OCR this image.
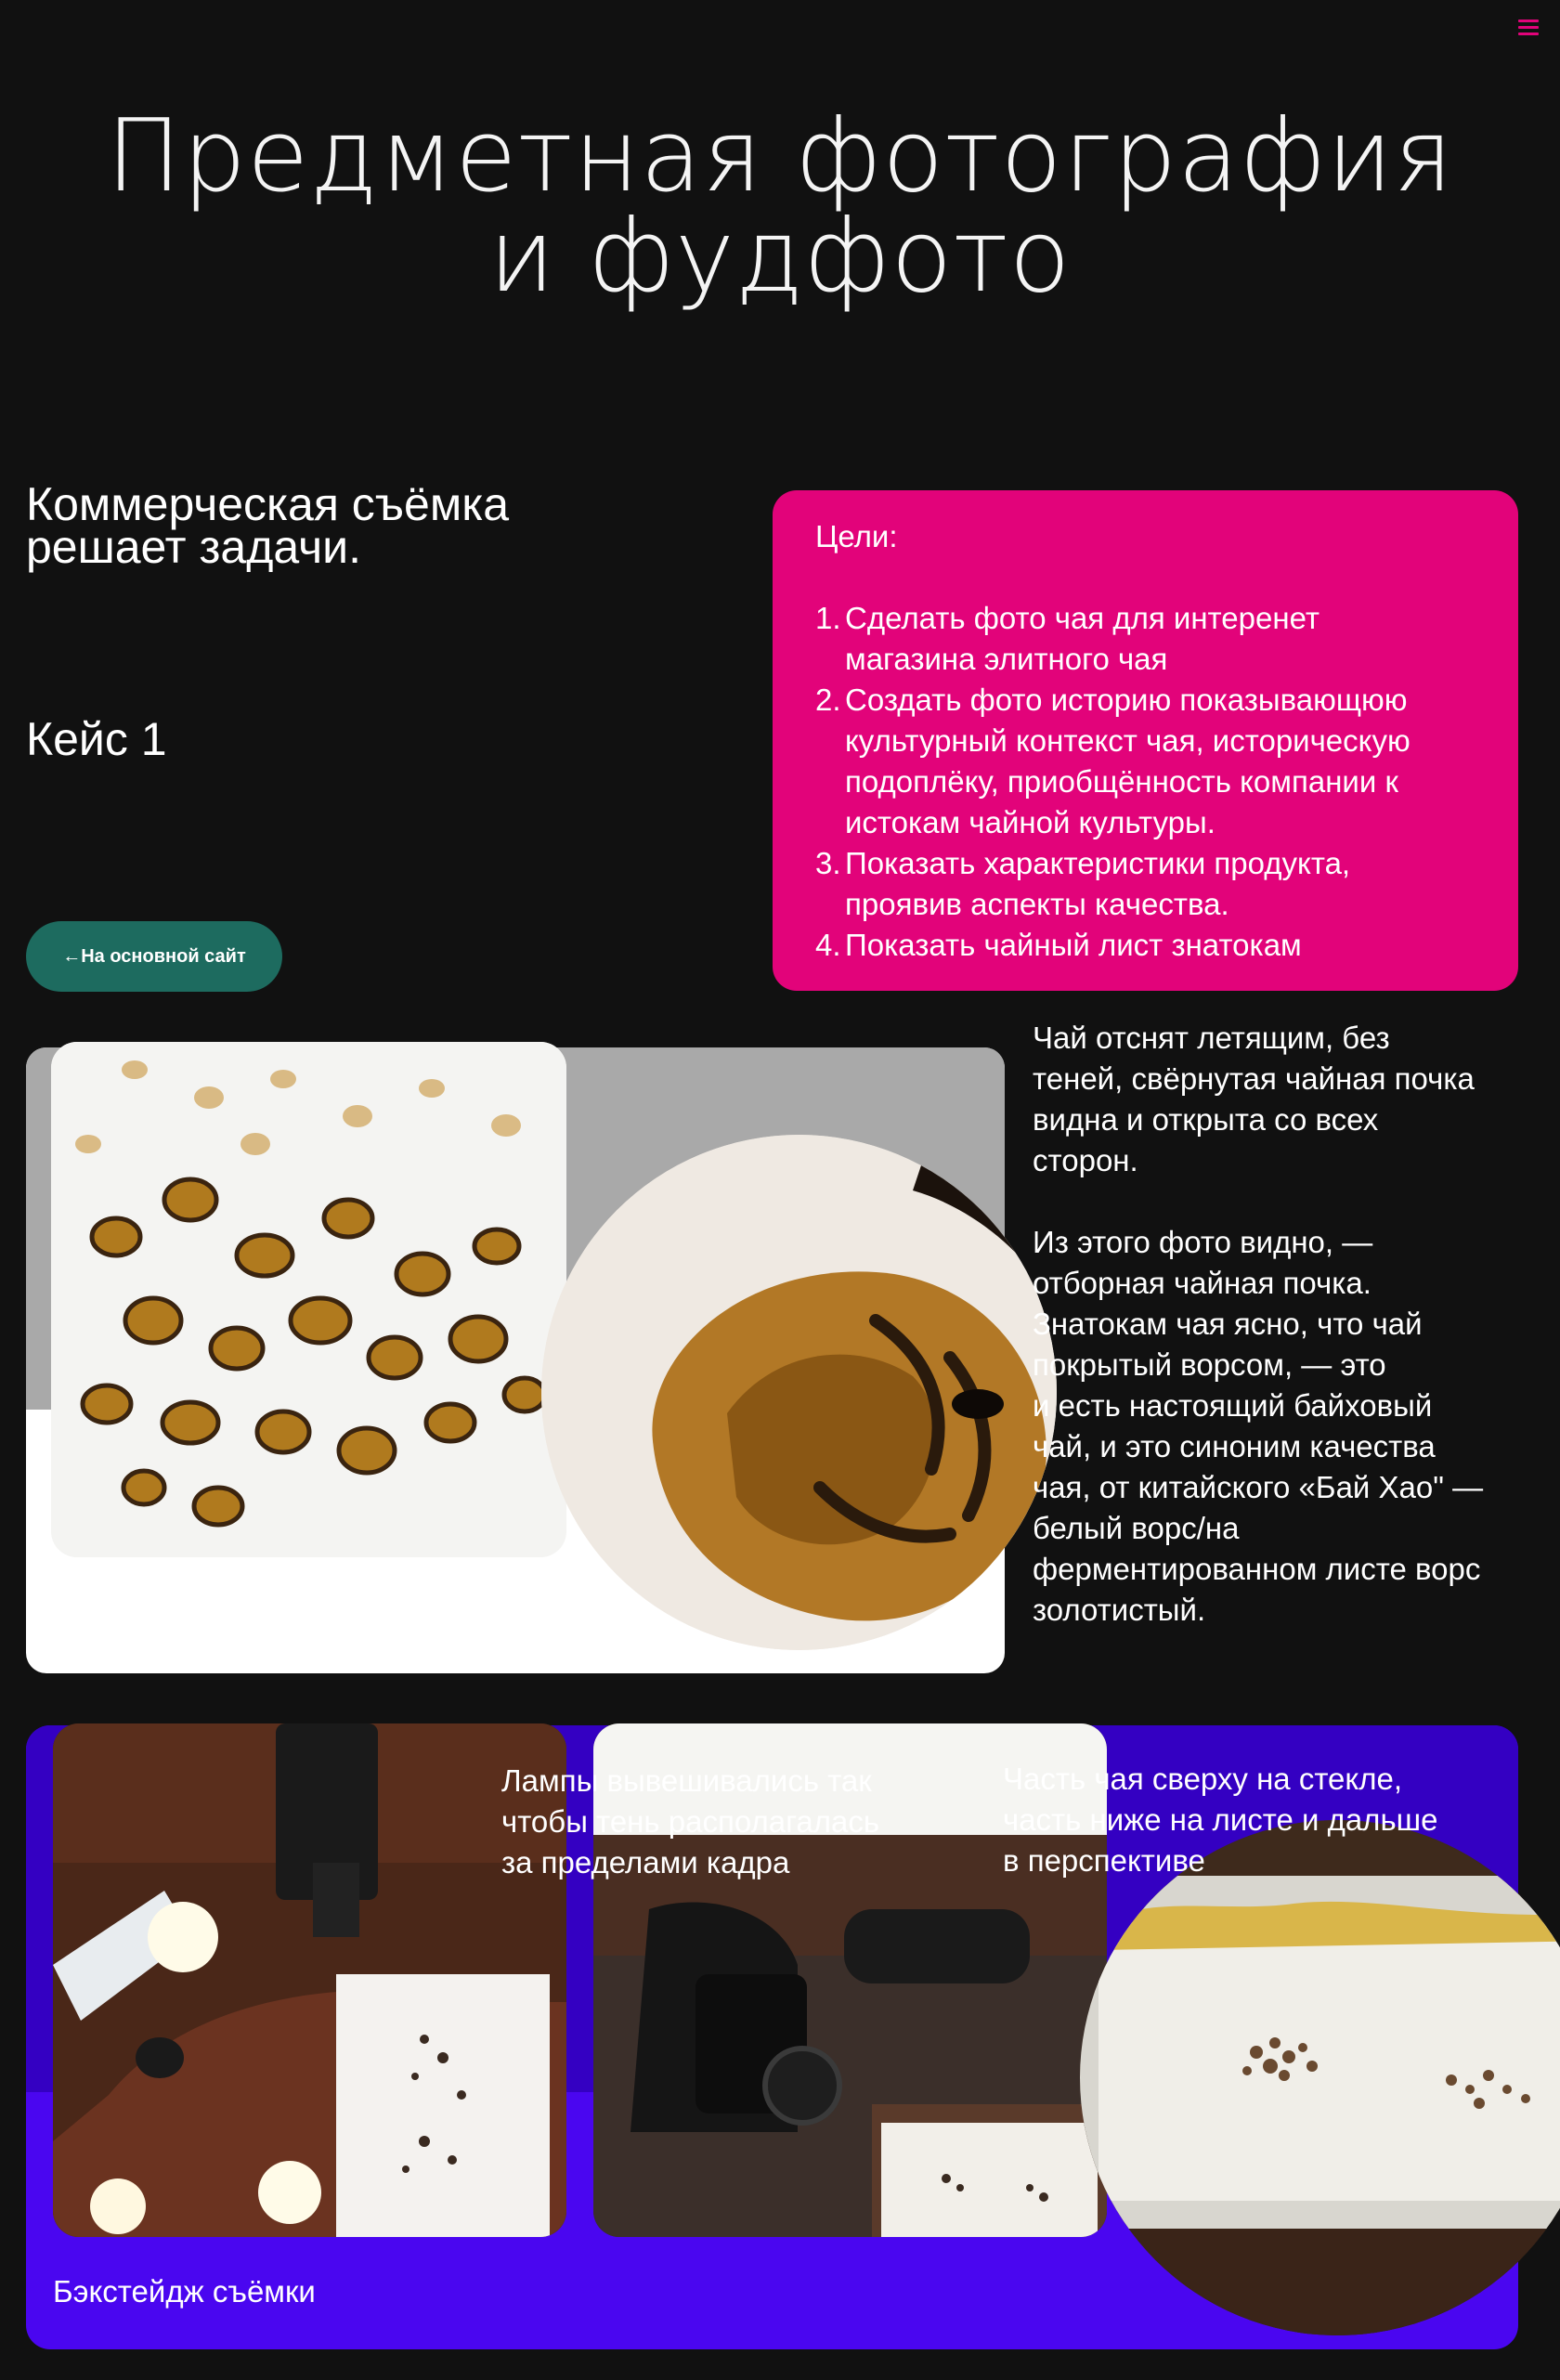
Предметная фотография
и фудфото
Коммерческая съёмка
решает задачи.
Кейс 1
←На основной сайт
Цели:
1. Сделать фото чая для интеренет
магазина элитного чая
2. Создать фото историю показывающюю
культурный контекст чая, историческую
подоплёку, приобщённость компании к
истокам чайной культуры.
3. Показать характеристики продукта,
проявив аспекты качества.
4. Показать чайный лист знатокам

Чай отснят летящим, без
теней, свёрнутая чайная почка
видна и открыта со всех
сторон.

Из этого фото видно, —
отборная чайная почка.
Знатокам чая ясно, что чай
покрытый ворсом, — это
и есть настоящий байховый
чай, и это синоним качества
чая, от китайского «Бай Хао" —
белый ворс/на
ферментированном листе ворс
золотистый.

Лампы вывешивались так
чтобы тень располагалась
за пределами кадра
Часть чая сверху на стекле,
часть ниже на листе и дальше
в перспективе
Бэкстейдж съёмки
